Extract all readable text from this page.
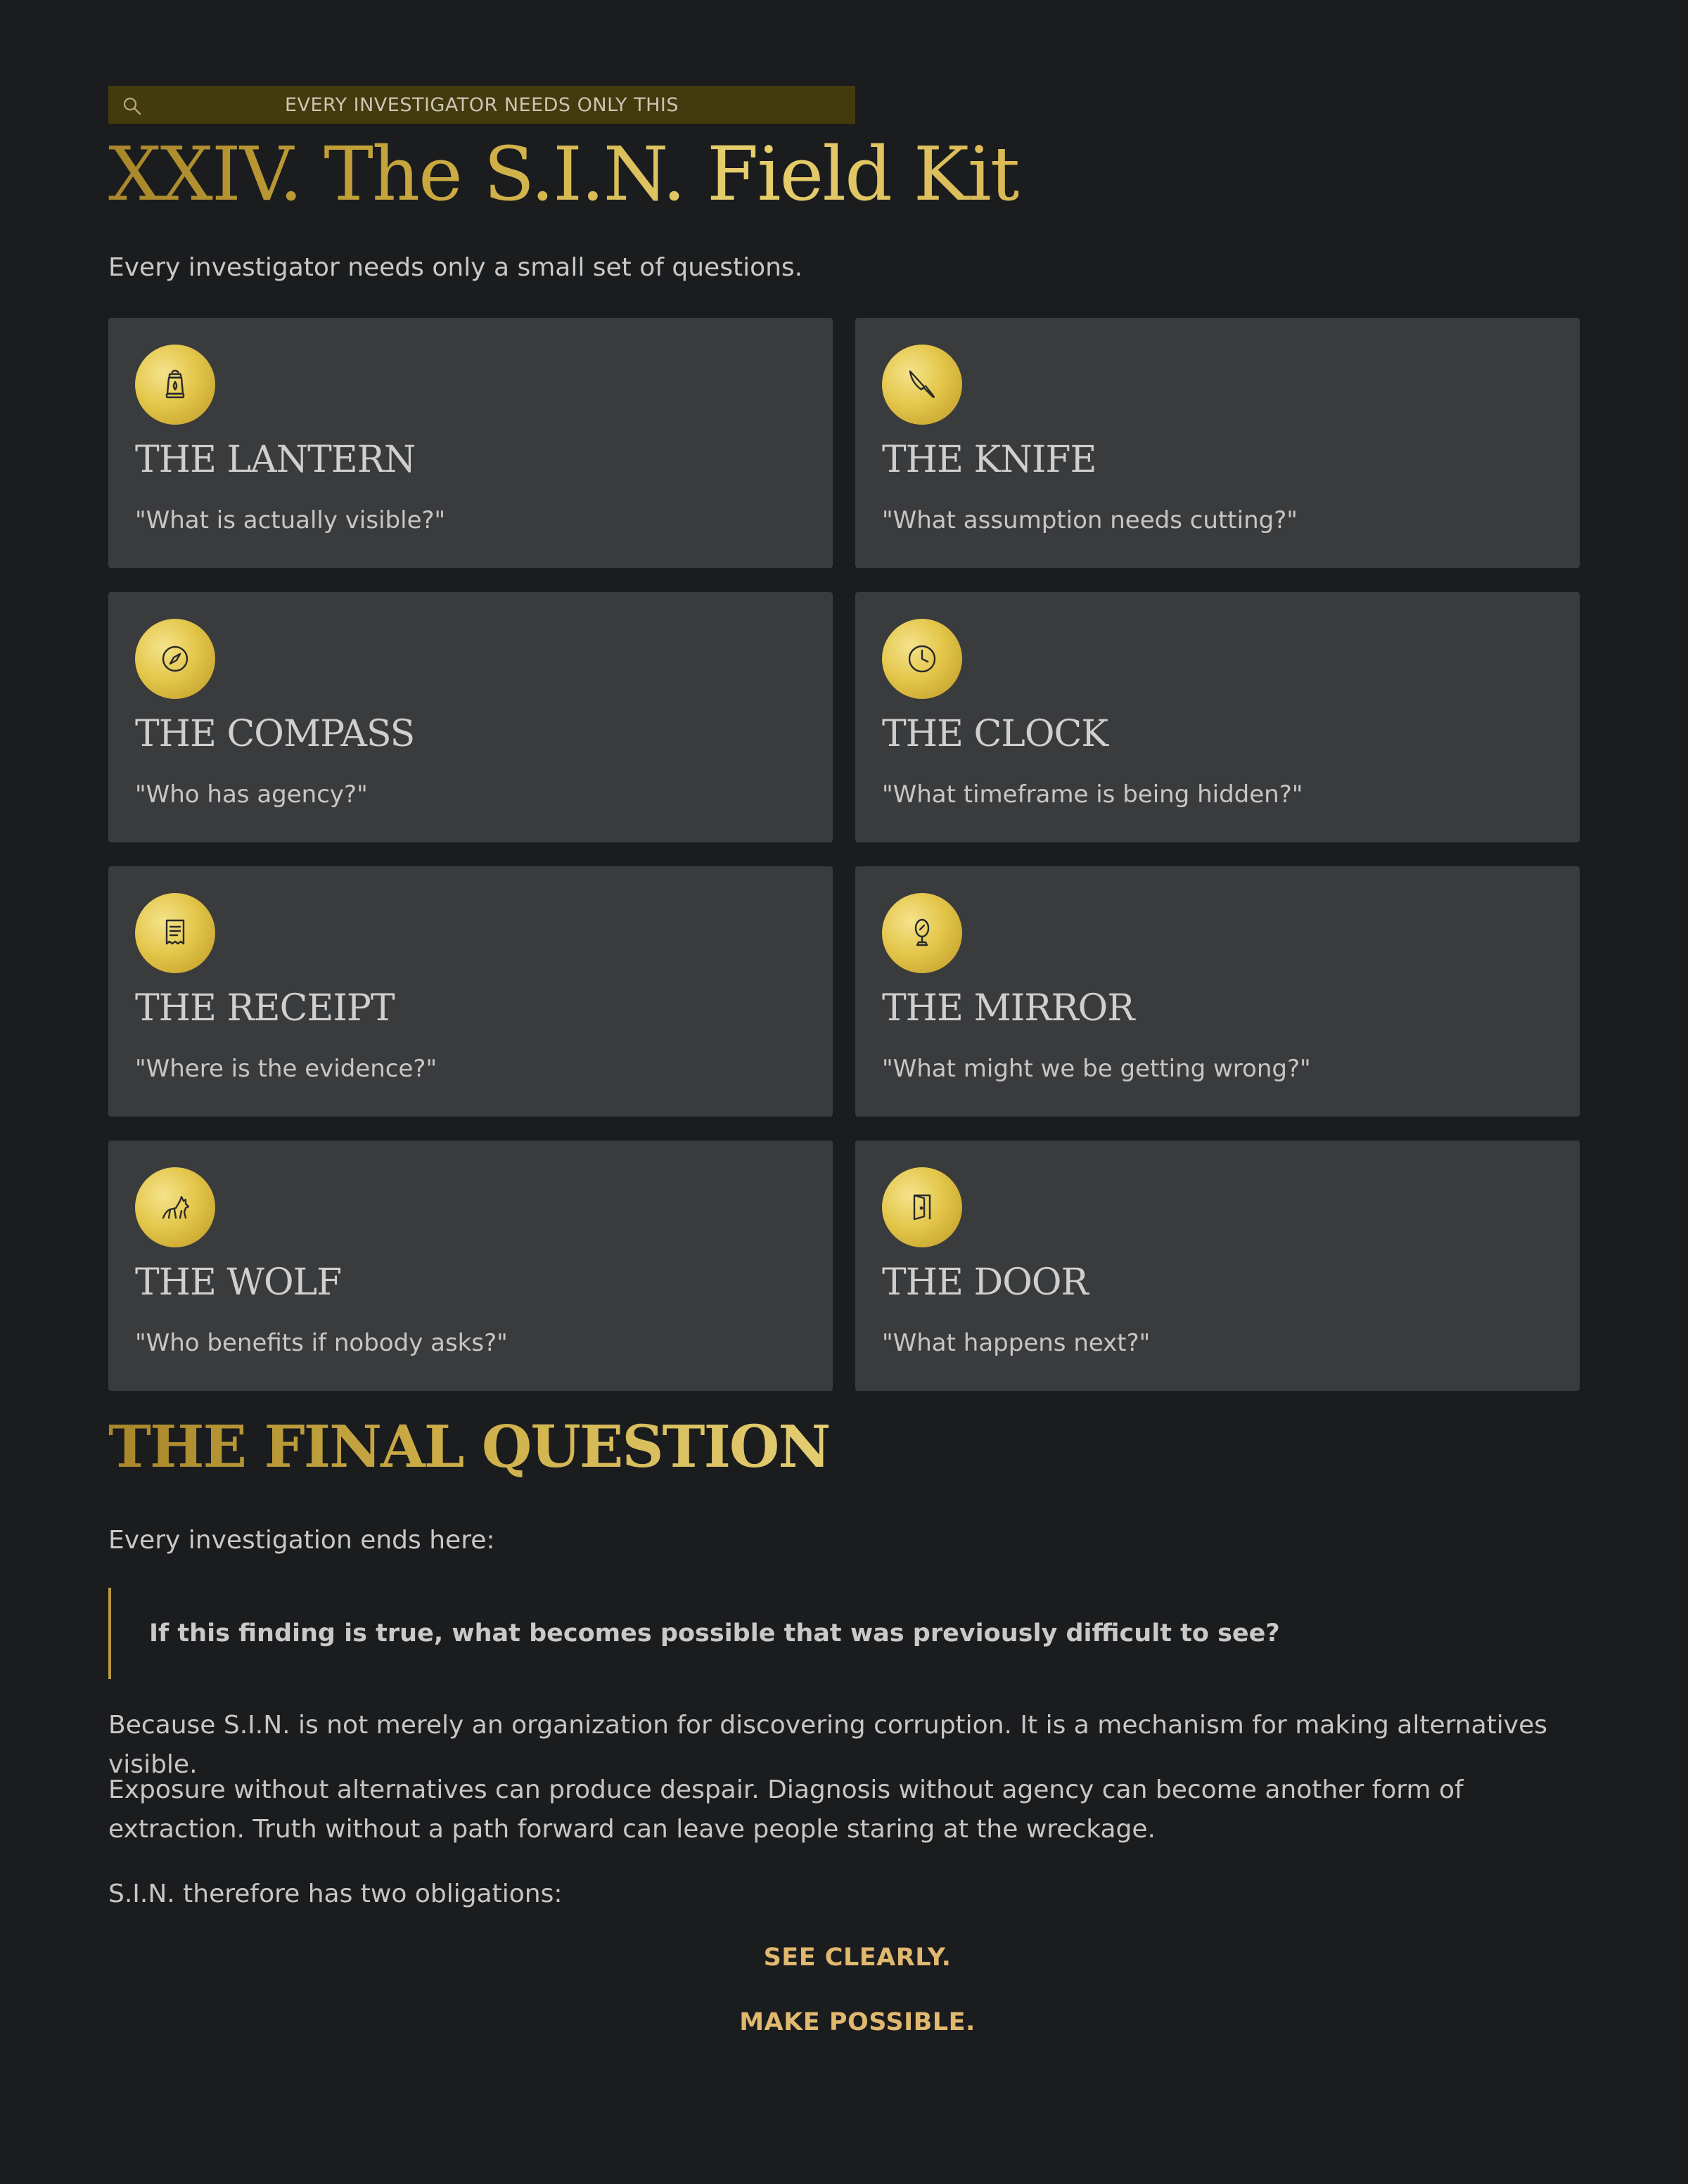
EVERY INVESTIGATOR NEEDS ONLY THIS
XXIV. The S.I.N. Field Kit

Every investigator needs only a small set of questions.

THE LANTERN
"What is actually visible?"
THE KNIFE
"What assumption needs cutting?"
THE COMPASS
"Who has agency?"
THE CLOCK
"What timeframe is being hidden?"
THE RECEIPT
"Where is the evidence?"
THE MIRROR
"What might we be getting wrong?"
THE WOLF
"Who benefits if nobody asks?"
THE DOOR
"What happens next?"
THE FINAL QUESTION

Every investigation ends here:

If this finding is true, what becomes possible that was previously difficult to see?

Because S.I.N. is not merely an organization for discovering corruption. It is a mechanism for making alternatives visible.

Exposure without alternatives can produce despair. Diagnosis without agency can become another form of extraction. Truth without a path forward can leave people staring at the wreckage.

S.I.N. therefore has two obligations:

SEE CLEARLY.

MAKE POSSIBLE.
